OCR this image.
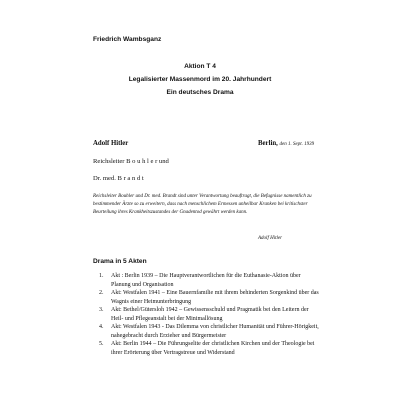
Friedrich Wambsganz
Aktion T 4
Legalisierter Massenmord im 20. Jahrhundert
Ein deutsches Drama
Adolf Hitler	Berlin, den 1. Sept. 1939
Reichsleiter B o u h l e r und
Dr. med. B r a n d t
Reichsleiter Bouhler und Dr. med. Brandt sind unter Verantwortung beauftragt, die Befugnisse namentlich zu bestimmender Ärzte so zu erweitern, dass nach menschlichem Ermessen unheilbar Kranken bei kritischster Beurteilung ihres Krankheitszustandes der Gnadentod gewährt werden kann.
Adolf Hitler
Drama in 5 Akten
1. Akt : Berlin 1939 – Die Hauptverantwortlichen für die Euthanasie-Aktion über Planung und Organisation
2. Akt: Westfalen 1941 – Eine Bauernfamilie mit ihrem behinderten Sorgenkind über das Wagnis einer Heimunterbringung
3. Akt: Bethel/Gütersloh 1942 – Gewissensschuld und Pragmatik bei den Leitern der Heil- und Pflegeanstalt bei der Minimallösung
4. Akt: Westfalen 1943 - Das Dilemma von christlicher Humanität und Führer-Hörigkeit, nahegebracht durch Erzieher und Bürgermeister
5. Akt: Berlin 1944 – Die Führungselite der christlichen Kirchen und der Theologie bei ihrer Erörterung über Vertragstreue und Widerstand
